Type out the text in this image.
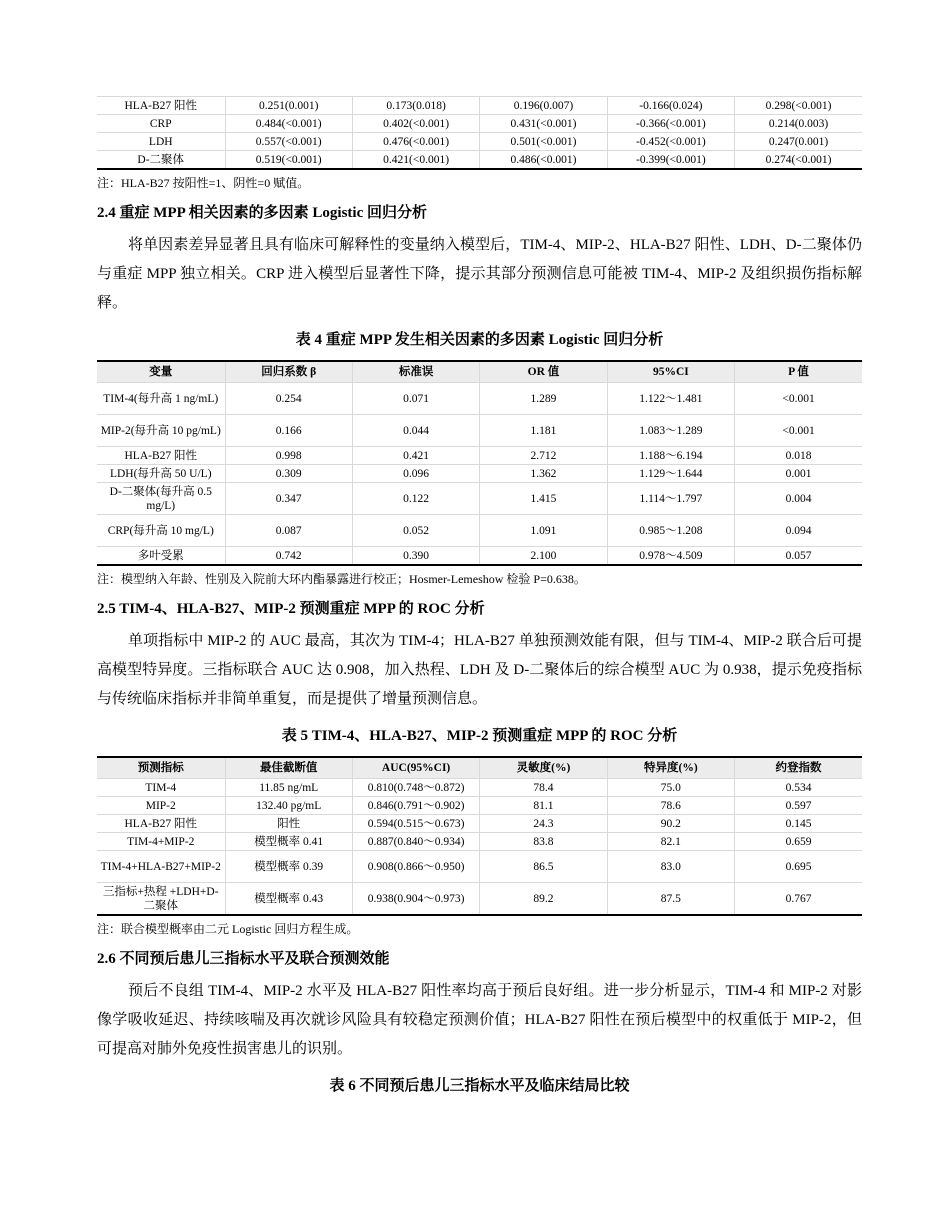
HLA-B27 阳性	0.251(0.001)	0.173(0.018)	0.196(0.007)	-0.166(0.024)	0.298(<0.001)
CRP	0.484(<0.001)	0.402(<0.001)	0.431(<0.001)	-0.366(<0.001)	0.214(0.003)
LDH	0.557(<0.001)	0.476(<0.001)	0.501(<0.001)	-0.452(<0.001)	0.247(0.001)
D-二聚体	0.519(<0.001)	0.421(<0.001)	0.486(<0.001)	-0.399(<0.001)	0.274(<0.001)
注：HLA-B27 按阳性=1、阴性=0 赋值。
2.4 重症 MPP 相关因素的多因素 Logistic 回归分析

将单因素差异显著且具有临床可解释性的变量纳入模型后，TIM-4、MIP-2、HLA-B27 阳性、LDH、D-二聚体仍与重症 MPP 独立相关。CRP 进入模型后显著性下降，提示其部分预测信息可能被 TIM-4、MIP-2 及组织损伤指标解释。

表 4 重症 MPP 发生相关因素的多因素 Logistic 回归分析
变量	回归系数 β	标准误	OR 值	95%CI	P 值
TIM-4(每升高 1 ng/mL)	0.254	0.071	1.289	1.122～1.481	<0.001
MIP-2(每升高 10 pg/mL)	0.166	0.044	1.181	1.083～1.289	<0.001
HLA-B27 阳性	0.998	0.421	2.712	1.188～6.194	0.018
LDH(每升高 50 U/L)	0.309	0.096	1.362	1.129～1.644	0.001
D-二聚体(每升高 0.5 mg/L)	0.347	0.122	1.415	1.114～1.797	0.004
CRP(每升高 10 mg/L)	0.087	0.052	1.091	0.985～1.208	0.094
多叶受累	0.742	0.390	2.100	0.978～4.509	0.057
注：模型纳入年龄、性别及入院前大环内酯暴露进行校正；Hosmer-Lemeshow 检验 P=0.638。
2.5 TIM-4、HLA-B27、MIP-2 预测重症 MPP 的 ROC 分析

单项指标中 MIP-2 的 AUC 最高，其次为 TIM-4；HLA-B27 单独预测效能有限，但与 TIM-4、MIP-2 联合后可提高模型特异度。三指标联合 AUC 达 0.908，加入热程、LDH 及 D-二聚体后的综合模型 AUC 为 0.938，提示免疫指标与传统临床指标并非简单重复，而是提供了增量预测信息。

表 5 TIM-4、HLA-B27、MIP-2 预测重症 MPP 的 ROC 分析
预测指标	最佳截断值	AUC(95%CI)	灵敏度(%)	特异度(%)	约登指数
TIM-4	11.85 ng/mL	0.810(0.748～0.872)	78.4	75.0	0.534
MIP-2	132.40 pg/mL	0.846(0.791～0.902)	81.1	78.6	0.597
HLA-B27 阳性	阳性	0.594(0.515～0.673)	24.3	90.2	0.145
TIM-4+MIP-2	模型概率 0.41	0.887(0.840～0.934)	83.8	82.1	0.659
TIM-4+HLA-B27+MIP-2	模型概率 0.39	0.908(0.866～0.950)	86.5	83.0	0.695
三指标+热程 +LDH+D-二聚体	模型概率 0.43	0.938(0.904～0.973)	89.2	87.5	0.767
注：联合模型概率由二元 Logistic 回归方程生成。
2.6 不同预后患儿三指标水平及联合预测效能

预后不良组 TIM-4、MIP-2 水平及 HLA-B27 阳性率均高于预后良好组。进一步分析显示，TIM-4 和 MIP-2 对影像学吸收延迟、持续咳喘及再次就诊风险具有较稳定预测价值；HLA-B27 阳性在预后模型中的权重低于 MIP-2，但可提高对肺外免疫性损害患儿的识别。

表 6 不同预后患儿三指标水平及临床结局比较
